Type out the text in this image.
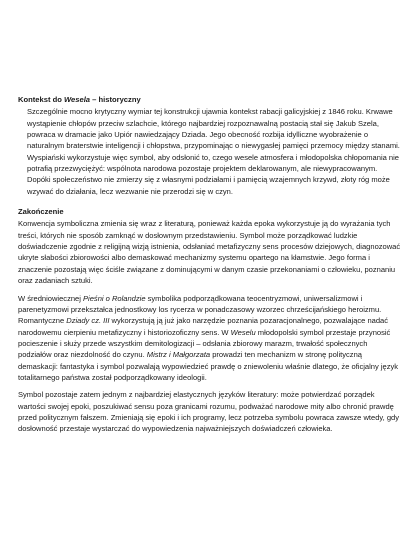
Kontekst do Wesela – historyczny

Szczególnie mocno krytyczny wymiar tej konstrukcji ujawnia kontekst rabacji galicyjskiej z 1846 roku. Krwawe wystąpienie chłopów przeciw szlachcie, którego najbardziej rozpoznawalną postacią stał się Jakub Szela, powraca w dramacie jako Upiór nawiedzający Dziada. Jego obecność rozbija idylliczne wyobrażenie o naturalnym braterstwie inteligencji i chłopstwa, przypominając o niewygasłej pamięci przemocy między stanami. Wyspiański wykorzystuje więc symbol, aby odsłonić to, czego wesele atmosfera i młodopolska chłopomania nie potrafią przezwyciężyć: wspólnota narodowa pozostaje projektem deklarowanym, ale niewypracowanym. Dopóki społeczeństwo nie zmierzy się z własnymi podziałami i pamięcią wzajemnych krzywd, złoty róg może wzywać do działania, lecz wezwanie nie przerodzi się w czyn.

Zakończenie

Konwencja symboliczna zmienia się wraz z literaturą, ponieważ każda epoka wykorzystuje ją do wyrażania tych treści, których nie sposób zamknąć w dosłownym przedstawieniu. Symbol może porządkować ludzkie doświadczenie zgodnie z religijną wizją istnienia, odsłaniać metafizyczny sens procesów dziejowych, diagnozować ukryte słabości zbiorowości albo demaskować mechanizmy systemu opartego na kłamstwie. Jego forma i znaczenie pozostają więc ściśle związane z dominującymi w danym czasie przekonaniami o człowieku, poznaniu oraz zadaniach sztuki.

W średniowiecznej Pieśni o Rolandzie symbolika podporządkowana teocentryzmowi, uniwersalizmowi i parenetyzmowi przekształca jednostkowy los rycerza w ponadczasowy wzorzec chrześcijańskiego heroizmu. Romantyczne Dziady cz. III wykorzystują ją już jako narzędzie poznania pozaracjonalnego, pozwalające nadać narodowemu cierpieniu metafizyczny i historiozoficzny sens. W Weselu młodopolski symbol przestaje przynosić pocieszenie i służy przede wszystkim demitologizacji – odsłania zbiorowy marazm, trwałość społecznych podziałów oraz niezdolność do czynu. Mistrz i Małgorzata prowadzi ten mechanizm w stronę polityczną demaskacji: fantastyka i symbol pozwalają wypowiedzieć prawdę o zniewoleniu właśnie dlatego, że oficjalny język totalitarnego państwa został podporządkowany ideologii.

Symbol pozostaje zatem jednym z najbardziej elastycznych języków literatury: może potwierdzać porządek wartości swojej epoki, poszukiwać sensu poza granicami rozumu, podważać narodowe mity albo chronić prawdę przed politycznym fałszem. Zmieniają się epoki i ich programy, lecz potrzeba symbolu powraca zawsze wtedy, gdy dosłowność przestaje wystarczać do wypowiedzenia najważniejszych doświadczeń człowieka.
